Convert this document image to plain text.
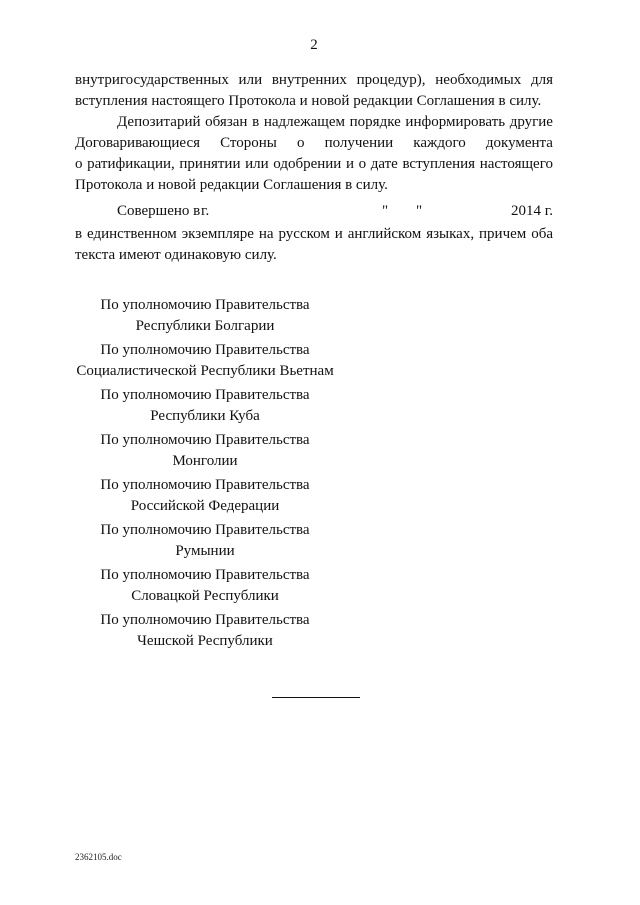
2
внутригосударственных или внутренних процедур), необходимых для
вступления настоящего Протокола и новой редакции Соглашения в силу.
Депозитарий обязан в надлежащем порядке информировать другие
Договаривающиеся Стороны о получении каждого документа
о ратификации, принятии или одобрении и о дате вступления настоящего
Протокола и новой редакции Соглашения в силу.
Совершено в г.	" "	2014 г.
в единственном экземпляре на русском и английском языках, причем оба
текста имеют одинаковую силу.
По уполномочию Правительства
Республики Болгарии
По уполномочию Правительства
Социалистической Республики Вьетнам
По уполномочию Правительства
Республики Куба
По уполномочию Правительства
Монголии
По уполномочию Правительства
Российской Федерации
По уполномочию Правительства
Румынии
По уполномочию Правительства
Словацкой Республики
По уполномочию Правительства
Чешской Республики
2362105.doc
